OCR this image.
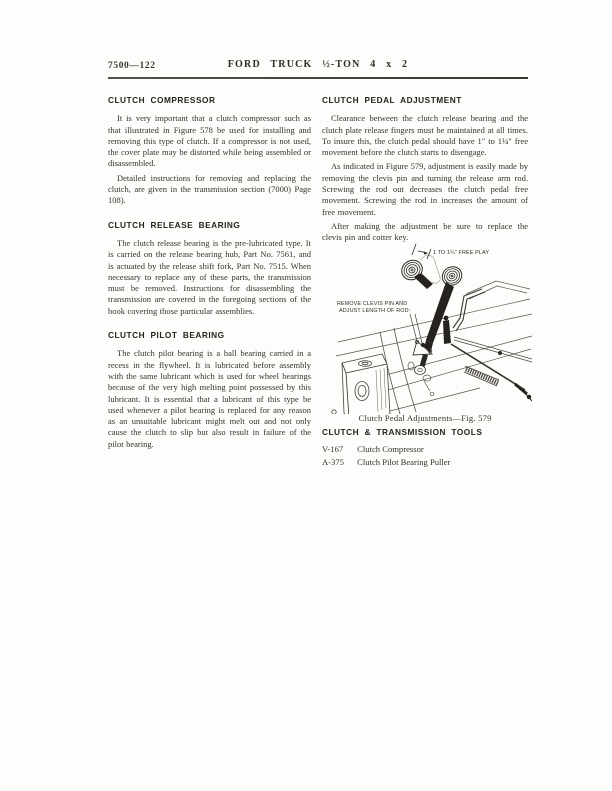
7500—122	FORD TRUCK ½-TON 4 x 2
CLUTCH COMPRESSOR

It is very important that a clutch compressor such as that illustrated in Figure 578 be used for installing and removing this type of clutch. If a compressor is not used, the cover plate may be distorted while being assembled or disassembled.

Detailed instructions for removing and replacing the clutch, are given in the transmission section (7000) Page 108).

CLUTCH RELEASE BEARING

The clutch release bearing is the pre-lubricated type. It is carried on the release bearing hub, Part No. 7561, and is actuated by the release shift fork, Part No. 7515. When necessary to replace any of these parts, the transmission must be removed. Instructions for disassembling the transmission are covered in the foregoing sections of the book covering those particular assemblies.

CLUTCH PILOT BEARING

The clutch pilot bearing is a ball bearing carried in a recess in the flywheel. It is lubricated before assembly with the same lubricant which is used for wheel bearings because of the very high melting point possessed by this lubricant. It is essential that a lubricant of this type be used whenever a pilot bearing is replaced for any reason as an unsuitable lubricant might melt out and not only cause the clutch to slip but also result in failure of the pilot bearing.

CLUTCH PEDAL ADJUSTMENT

Clearance between the clutch release bearing and the clutch plate release fingers must be maintained at all times. To insure this, the clutch pedal should have 1″ to 1¼″ free movement before the clutch starts to disengage.

As indicated in Figure 579, adjustment is easily made by removing the clevis pin and turning the release arm rod. Screwing the rod out decreases the clutch pedal free movement. Screwing the rod in increases the amount of free movement.

After making the adjustment be sure to replace the clevis pin and cotter key.

1 TO 1¼″ FREE PLAY
REMOVE CLEVIS PIN AND
ADJUST LENGTH OF ROD:
Clutch Pedal Adjustments—Fig. 579
CLUTCH & TRANSMISSION TOOLS
V-167 Clutch Compressor
A-375 Clutch Pilot Bearing Puller
